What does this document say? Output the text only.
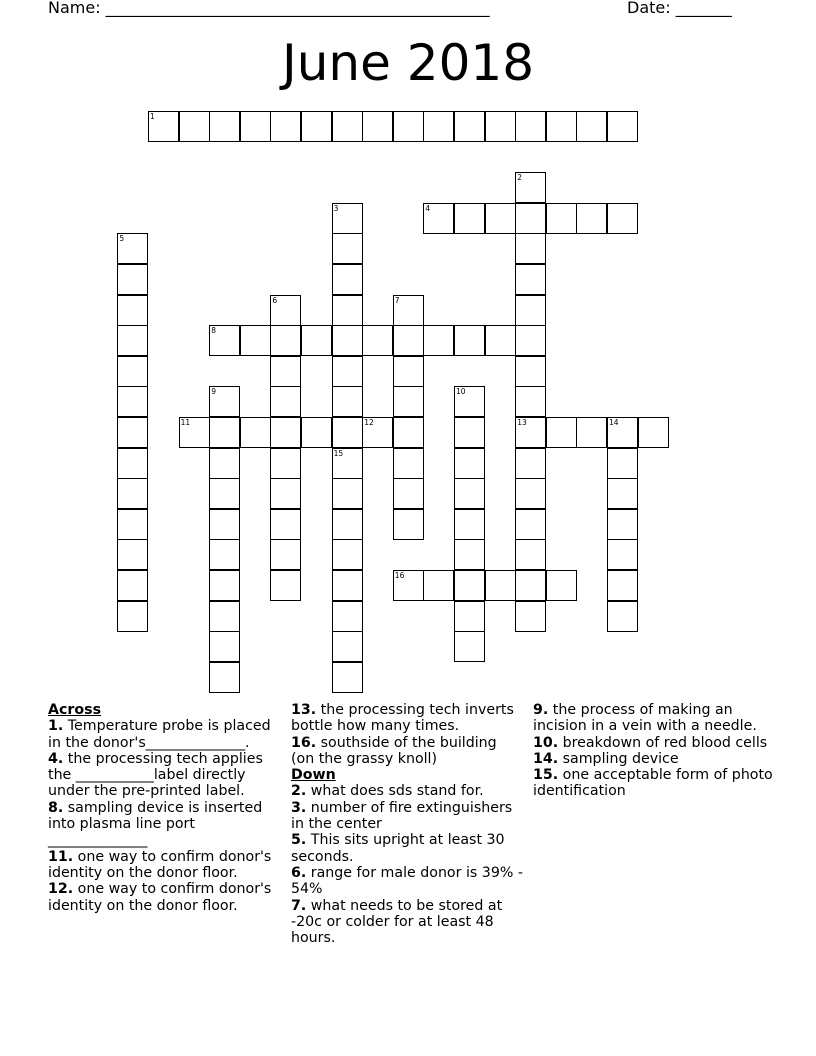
Name: ________________________________________________	Date: _______
June 2018
1
2
13
3
15
4
5
6	7
8
9	10
11	12	14
16
Across

1. Temperature probe is placed in the donor's______________.

4. the processing tech applies the ___________label directly under the pre-printed label.

8. sampling device is inserted into plasma line port ______________

11. one way to confirm donor's identity on the donor floor.

12. one way to confirm donor's identity on the donor floor.

13. the processing tech inverts bottle how many times.

16. southside of the building (on the grassy knoll)

Down

2. what does sds stand for.

3. number of fire extinguishers in the center

5. This sits upright at least 30 seconds.

6. range for male donor is 39% - 54%

7. what needs to be stored at -20c or colder for at least 48 hours.

9. the process of making an incision in a vein with a needle.

10. breakdown of red blood cells

14. sampling device

15. one acceptable form of photo identification
